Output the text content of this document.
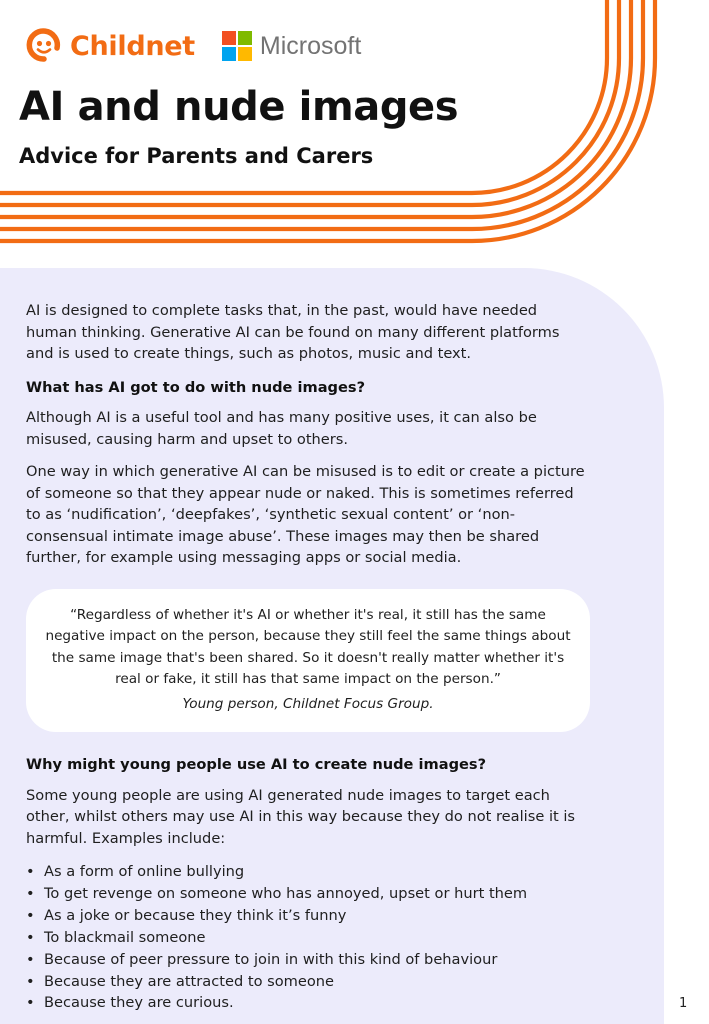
Childnet	Microsoft
AI and nude images
Advice for Parents and Carers

AI is designed to complete tasks that, in the past, would have needed human thinking. Generative AI can be found on many different platforms and is used to create things, such as photos, music and text.

What has AI got to do with nude images?

Although AI is a useful tool and has many positive uses, it can also be misused, causing harm and upset to others.

One way in which generative AI can be misused is to edit or create a picture of someone so that they appear nude or naked. This is sometimes referred to as ‘nudification’, ‘deepfakes’, ‘synthetic sexual content’ or ‘non-consensual intimate image abuse’. These images may then be shared further, for example using messaging apps or social media.

“Regardless of whether it's AI or whether it's real, it still has the same negative impact on the person, because they still feel the same things about the same image that's been shared. So it doesn't really matter whether it's real or fake, it still has that same impact on the person.”
Young person, Childnet Focus Group.
Why might young people use AI to create nude images?

Some young people are using AI generated nude images to target each other, whilst others may use AI in this way because they do not realise it is harmful. Examples include:

• As a form of online bullying
• To get revenge on someone who has annoyed, upset or hurt them
• As a joke or because they think it’s funny
• To blackmail someone
• Because of peer pressure to join in with this kind of behaviour
• Because they are attracted to someone
• Because they are curious.	1
